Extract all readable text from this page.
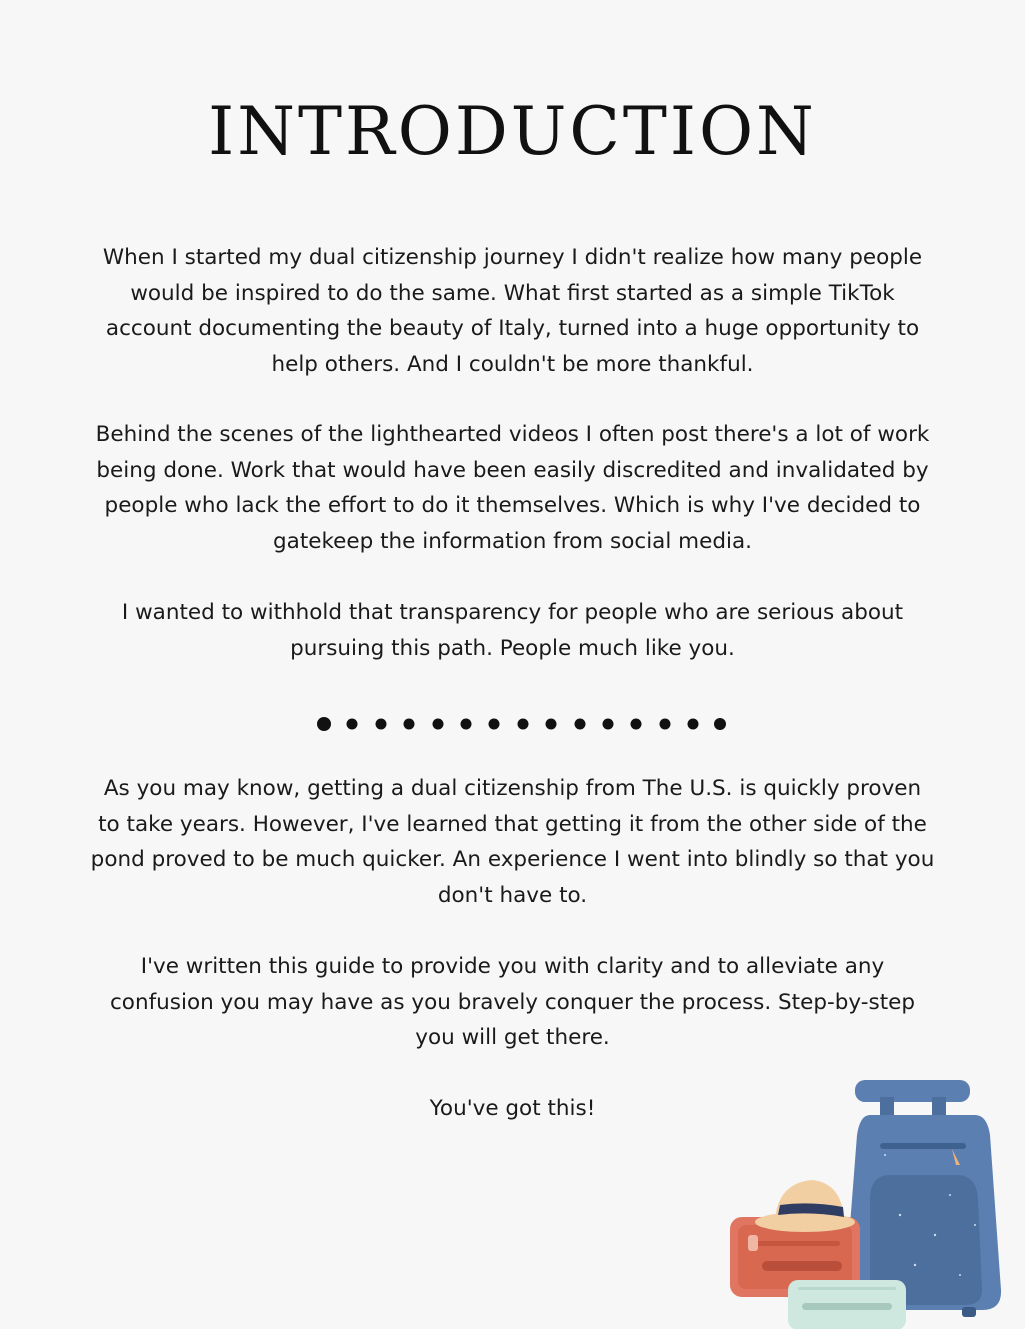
INTRODUCTION

When I started my dual citizenship journey I didn't realize how many people would be inspired to do the same. What first started as a simple TikTok account documenting the beauty of Italy, turned into a huge opportunity to help others. And I couldn't be more thankful.

Behind the scenes of the lighthearted videos I often post there's a lot of work being done. Work that would have been easily discredited and invalidated by people who lack the effort to do it themselves. Which is why I've decided to gatekeep the information from social media.

I wanted to withhold that transparency for people who are serious about pursuing this path. People much like you.

As you may know, getting a dual citizenship from The U.S. is quickly proven to take years. However, I've learned that getting it from the other side of the pond proved to be much quicker. An experience I went into blindly so that you don't have to.

I've written this guide to provide you with clarity and to alleviate any confusion you may have as you bravely conquer the process. Step-by-step you will get there.

You've got this!
